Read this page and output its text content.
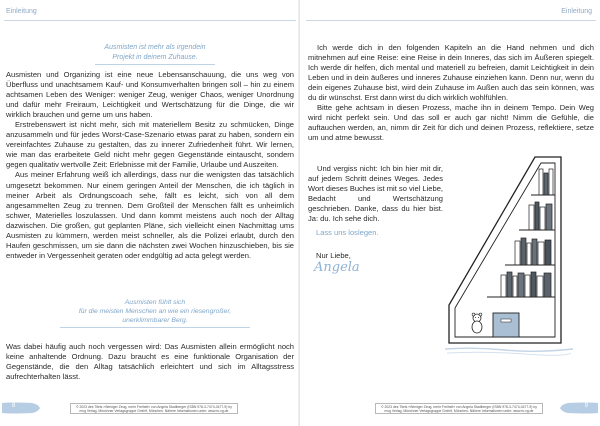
Einleitung
Ausmisten ist mehr als irgendein
Projekt in deinem Zuhause.

Ausmisten und Organizing ist eine neue Lebensanschauung, die uns weg von Überfluss und unachtsamem Kauf- und Konsumverhalten bringen soll – hin zu einem achtsamen Leben des Weniger: weniger Zeug, weniger Chaos, weniger Unordnung und dafür mehr Freiraum, Leichtigkeit und Wertschätzung für die Dinge, die wir wirklich brauchen und gerne um uns haben.

Erstrebenswert ist nicht mehr, sich mit materiellem Besitz zu schmücken, Dinge anzusammeln und für jedes Worst-Case-Szenario etwas parat zu haben, sondern ein vereinfachtes Zuhause zu gestalten, das zu innerer Zufriedenheit führt. Wir lernen, wie man das erarbeitete Geld nicht mehr gegen Gegenstände eintauscht, sondern gegen qualitativ wertvolle Zeit: Erlebnisse mit der Familie, Urlaube und Auszeiten.

Aus meiner Erfahrung weiß ich allerdings, dass nur die wenigsten das tatsächlich umgesetzt bekommen. Nur einem geringen Anteil der Menschen, die ich täglich in meiner Arbeit als Ordnungscoach sehe, fällt es leicht, sich von all dem angesammelten Zeug zu trennen. Dem Großteil der Menschen fällt es unheimlich schwer, Materielles loszulassen. Und dann kommt meistens auch noch der Alltag dazwischen. Die großen, gut geplanten Pläne, sich vielleicht einen Nachmittag ums Ausmisten zu kümmern, werden meist schneller, als die Polizei erlaubt, durch den Haufen geschmissen, um sie dann die nächsten zwei Wochen hinzuschieben, bis sie entweder in Vergessenheit geraten oder endgültig ad acta gelegt werden.

Ausmisten fühlt sich
für die meisten Menschen an wie ein riesengroßer,
unerklimmbarer Berg.

Was dabei häufig auch noch vergessen wird: Das Ausmisten allein ermöglicht noch keine anhaltende Ordnung. Dazu braucht es eine funktionale Organisation der Gegenstände, die den Alltag tatsächlich erleichtert und sich im Alltagsstress aufrechterhalten lässt.

© 2023 des Titels »Weniger Zeug, mehr Freiheit« von Angela Stadlberger (ISBN 978-3-7474-0477-9) by mvg Verlag, Münchner Verlagsgruppe GmbH, München. Nähere Informationen unter: www.m-vg.de
8
Einleitung

Ich werde dich in den folgenden Kapiteln an die Hand nehmen und dich mitnehmen auf eine Reise: eine Reise in dein Inneres, das sich im Äußeren spiegelt. Ich werde dir helfen, dich mental und materiell zu befreien, damit Leichtigkeit in dein Leben und in dein äußeres und inneres Zuhause einziehen kann. Denn nur, wenn du dein eigenes Zuhause bist, wird dein Zuhause im Außen auch das sein können, was du dir wünschst. Erst dann wirst du dich wirklich wohlfühlen.

Bitte gehe achtsam in diesen Prozess, mache ihn in deinem Tempo. Dein Weg wird nicht perfekt sein. Und das soll er auch gar nicht! Nimm die Gefühle, die auftauchen werden, an, nimm dir Zeit für dich und deinen Prozess, reflektiere, setze um und atme bewusst.

Und vergiss nicht: Ich bin hier mit dir, auf jedem Schritt deines Weges. Jedes Wort dieses Buches ist mit so viel Liebe, Bedacht und Wertschätzung geschrieben. Danke, dass du hier bist. Ja: du. Ich sehe dich.

Lass uns loslegen.
Nur Liebe,
Angela
© 2023 des Titels »Weniger Zeug, mehr Freiheit« von Angela Stadlberger (ISBN 978-3-7474-0477-9) by mvg Verlag, Münchner Verlagsgruppe GmbH, München. Nähere Informationen unter: www.m-vg.de
9
